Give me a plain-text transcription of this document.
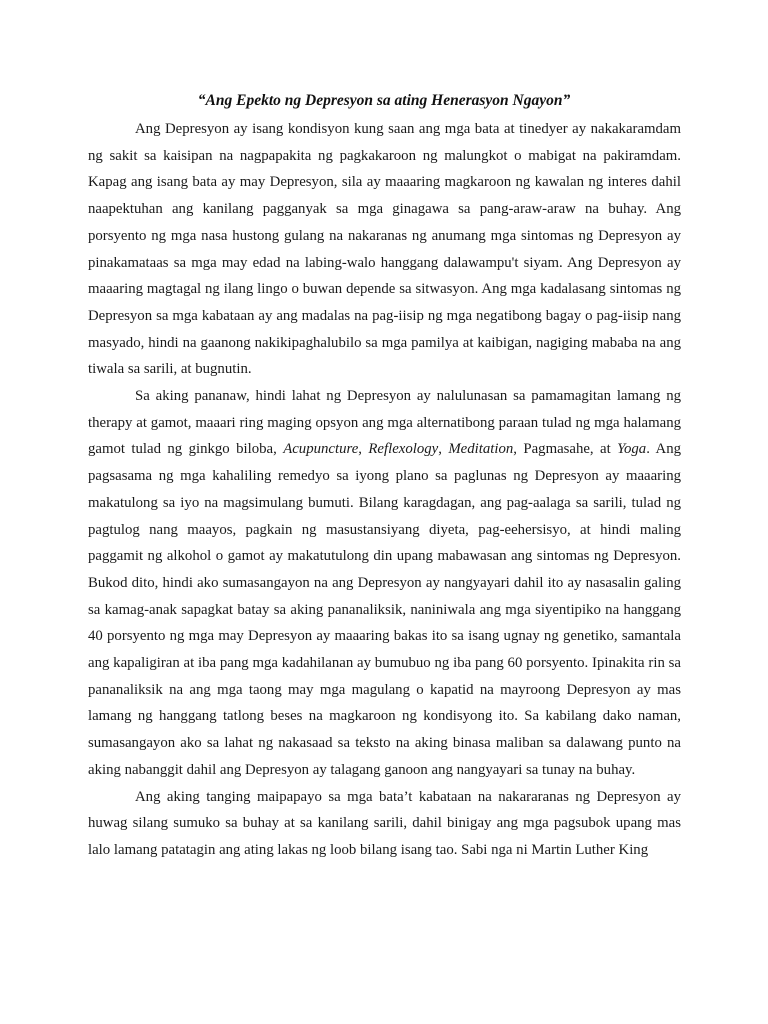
“Ang Epekto ng Depresyon sa ating Henerasyon Ngayon”

Ang Depresyon ay isang kondisyon kung saan ang mga bata at tinedyer ay nakakaramdam ng sakit sa kaisipan na nagpapakita ng pagkakaroon ng malungkot o mabigat na pakiramdam. Kapag ang isang bata ay may Depresyon, sila ay maaaring magkaroon ng kawalan ng interes dahil naapektuhan ang kanilang pagganyak sa mga ginagawa sa pang-araw-araw na buhay. Ang porsyento ng mga nasa hustong gulang na nakaranas ng anumang mga sintomas ng Depresyon ay pinakamataas sa mga may edad na labing-walo hanggang dalawampu't siyam. Ang Depresyon ay maaaring magtagal ng ilang lingo o buwan depende sa sitwasyon. Ang mga kadalasang sintomas ng Depresyon sa mga kabataan ay ang madalas na pag-iisip ng mga negatibong bagay o pag-iisip nang masyado, hindi na gaanong nakikipaghalubilo sa mga pamilya at kaibigan, nagiging mababa na ang tiwala sa sarili, at bugnutin.

Sa aking pananaw, hindi lahat ng Depresyon ay nalulunasan sa pamamagitan lamang ng therapy at gamot, maaari ring maging opsyon ang mga alternatibong paraan tulad ng mga halamang gamot tulad ng ginkgo biloba, Acupuncture, Reflexology, Meditation, Pagmasahe, at Yoga. Ang pagsasama ng mga kahaliling remedyo sa iyong plano sa paglunas ng Depresyon ay maaaring makatulong sa iyo na magsimulang bumuti. Bilang karagdagan, ang pag-aalaga sa sarili, tulad ng pagtulog nang maayos, pagkain ng masustansiyang diyeta, pag-eehersisyo, at hindi maling paggamit ng alkohol o gamot ay makatutulong din upang mabawasan ang sintomas ng Depresyon. Bukod dito, hindi ako sumasangayon na ang Depresyon ay nangyayari dahil ito ay nasasalin galing sa kamag-anak sapagkat batay sa aking pananaliksik, naniniwala ang mga siyentipiko na hanggang 40 porsyento ng mga may Depresyon ay maaaring bakas ito sa isang ugnay ng genetiko, samantala ang kapaligiran at iba pang mga kadahilanan ay bumubuo ng iba pang 60 porsyento. Ipinakita rin sa pananaliksik na ang mga taong may mga magulang o kapatid na mayroong Depresyon ay mas lamang ng hanggang tatlong beses na magkaroon ng kondisyong ito. Sa kabilang dako naman, sumasangayon ako sa lahat ng nakasaad sa teksto na aking binasa maliban sa dalawang punto na aking nabanggit dahil ang Depresyon ay talagang ganoon ang nangyayari sa tunay na buhay.

Ang aking tanging maipapayo sa mga bata’t kabataan na nakararanas ng Depresyon ay huwag silang sumuko sa buhay at sa kanilang sarili, dahil binigay ang mga pagsubok upang mas lalo lamang patatagin ang ating lakas ng loob bilang isang tao. Sabi nga ni Martin Luther King
